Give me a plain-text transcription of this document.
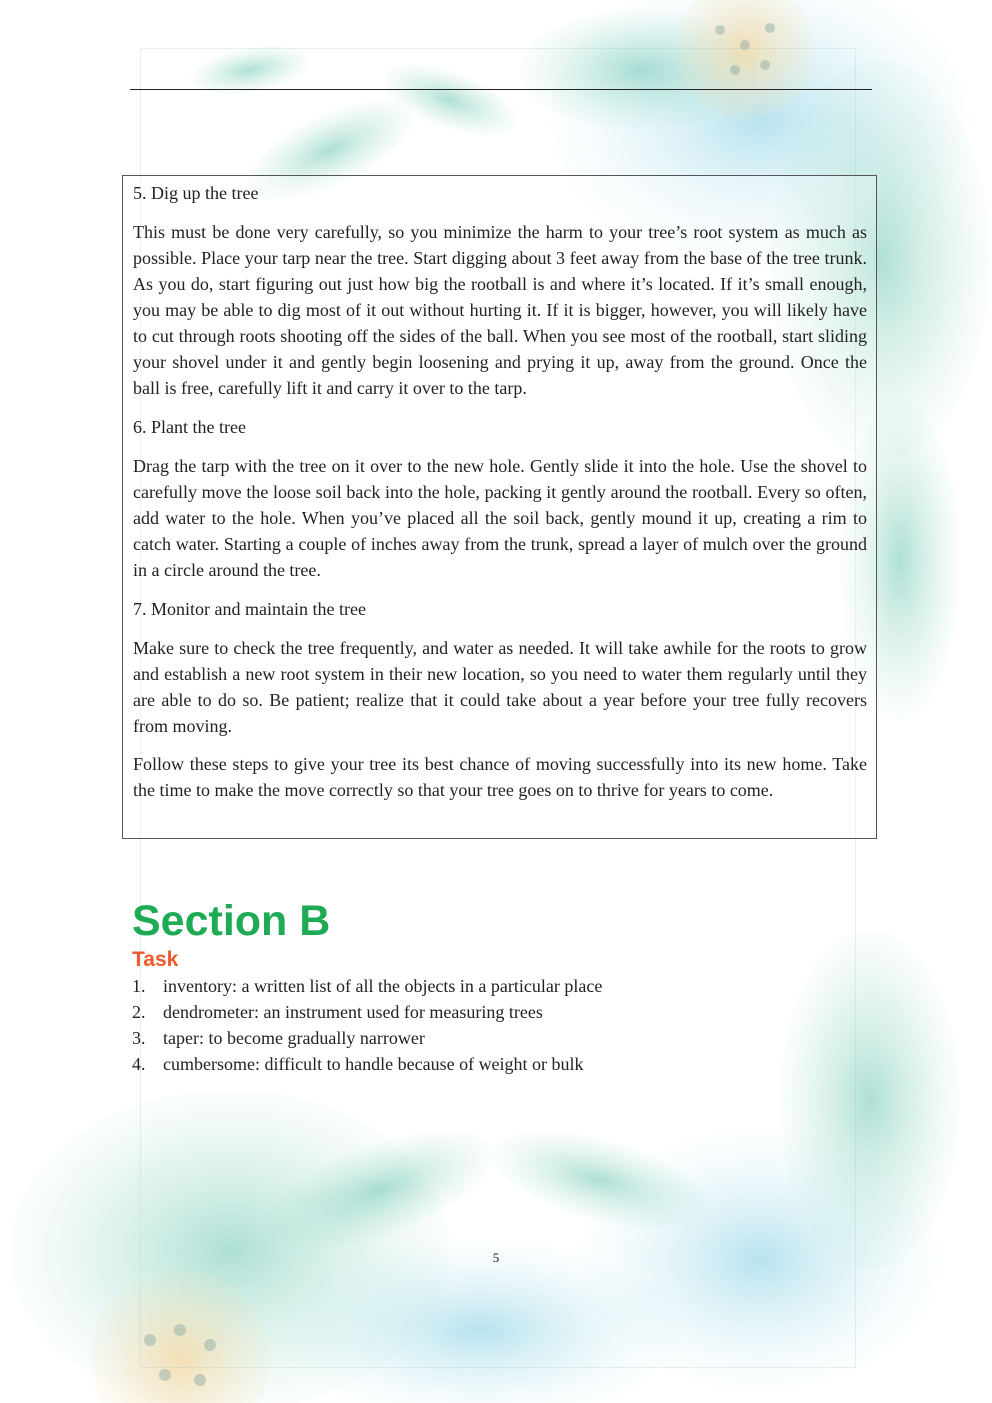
5. Dig up the tree

This must be done very carefully, so you minimize the harm to your tree’s root system as much as possible. Place your tarp near the tree. Start digging about 3 feet away from the base of the tree trunk. As you do, start figuring out just how big the rootball is and where it’s located. If it’s small enough, you may be able to dig most of it out without hurting it. If it is bigger, however, you will likely have to cut through roots shooting off the sides of the ball. When you see most of the rootball, start sliding your shovel under it and gently begin loosening and prying it up, away from the ground. Once the ball is free, carefully lift it and carry it over to the tarp.

6. Plant the tree

Drag the tarp with the tree on it over to the new hole. Gently slide it into the hole. Use the shovel to carefully move the loose soil back into the hole, packing it gently around the rootball. Every so often, add water to the hole. When you’ve placed all the soil back, gently mound it up, creating a rim to catch water. Starting a couple of inches away from the trunk, spread a layer of mulch over the ground in a circle around the tree.

7. Monitor and maintain the tree

Make sure to check the tree frequently, and water as needed. It will take awhile for the roots to grow and establish a new root system in their new location, so you need to water them regularly until they are able to do so. Be patient; realize that it could take about a year before your tree fully recovers from moving.

Follow these steps to give your tree its best chance of moving successfully into its new home. Take the time to make the move correctly so that your tree goes on to thrive for years to come.

Section B
Task
1. inventory: a written list of all the objects in a particular place
2. dendrometer: an instrument used for measuring trees
3. taper: to become gradually narrower
4. cumbersome: difficult to handle because of weight or bulk
5
